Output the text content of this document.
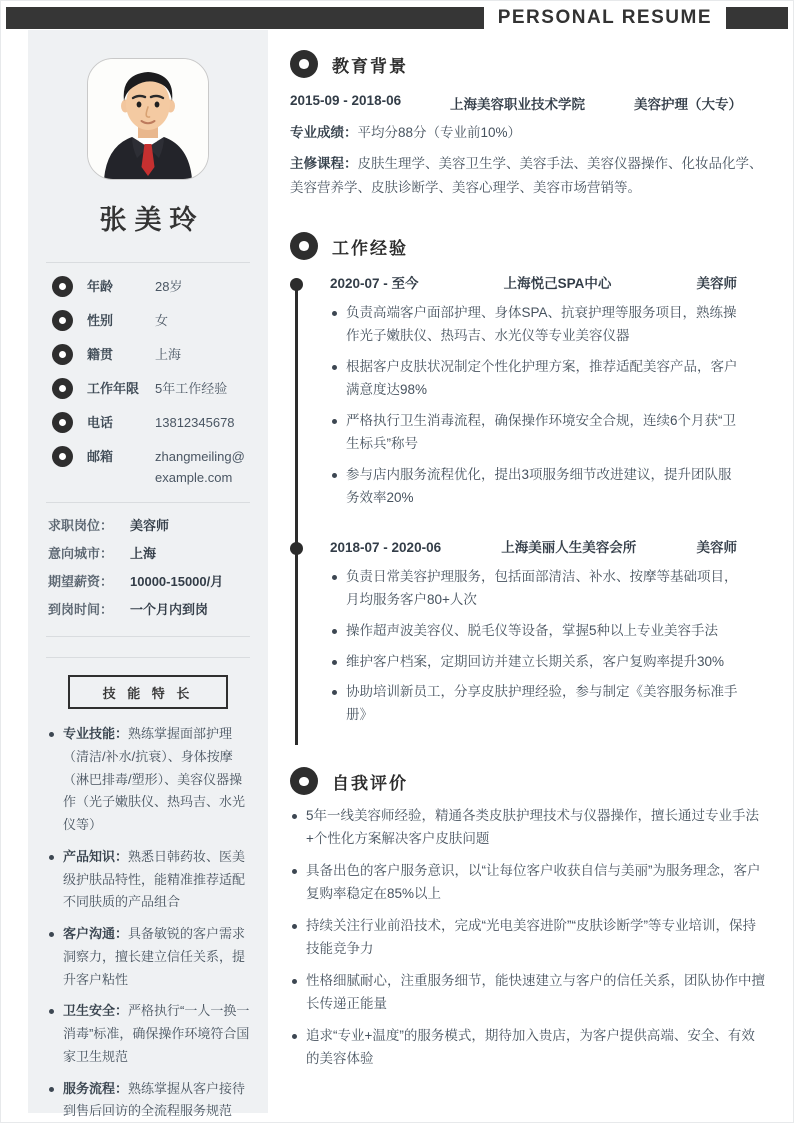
PERSONAL RESUME
张美玲
年龄	28岁
性别	女
籍贯	上海
工作年限	5年工作经验
电话	13812345678
邮箱	zhangmeiling@example.com
求职岗位：	美容师
意向城市：	上海
期望薪资：	10000-15000/月
到岗时间：	一个月内到岗
技 能 特 长
专业技能：熟练掌握面部护理（清洁/补水/抗衰）、身体按摩（淋巴排毒/塑形）、美容仪器操作（光子嫩肤仪、热玛吉、水光仪等）
产品知识：熟悉日韩药妆、医美级护肤品特性，能精准推荐适配不同肤质的产品组合
客户沟通：具备敏锐的客户需求洞察力，擅长建立信任关系，提升客户粘性
卫生安全：严格执行“一人一换一消毒”标准，确保操作环境符合国家卫生规范
服务流程：熟练掌握从客户接待到售后回访的全流程服务规范
教育背景
2015-09 - 2018-06	上海美容职业技术学院	美容护理（大专）
专业成绩：平均分88分（专业前10%）
主修课程：皮肤生理学、美容卫生学、美容手法、美容仪器操作、化妆品化学、美容营养学、皮肤诊断学、美容心理学、美容市场营销等。
工作经验
2020-07 - 至今	上海悦己SPA中心	美容师
负责高端客户面部护理、身体SPA、抗衰护理等服务项目，熟练操作光子嫩肤仪、热玛吉、水光仪等专业美容仪器
根据客户皮肤状况制定个性化护理方案，推荐适配美容产品，客户满意度达98%
严格执行卫生消毒流程，确保操作环境安全合规，连续6个月获“卫生标兵”称号
参与店内服务流程优化，提出3项服务细节改进建议，提升团队服务效率20%
2018-07 - 2020-06	上海美丽人生美容会所	美容师
负责日常美容护理服务，包括面部清洁、补水、按摩等基础项目，月均服务客户80+人次
操作超声波美容仪、脱毛仪等设备，掌握5种以上专业美容手法
维护客户档案，定期回访并建立长期关系，客户复购率提升30%
协助培训新员工，分享皮肤护理经验，参与制定《美容服务标准手册》
自我评价
5年一线美容师经验，精通各类皮肤护理技术与仪器操作，擅长通过专业手法+个性化方案解决客户皮肤问题
具备出色的客户服务意识，以“让每位客户收获自信与美丽”为服务理念，客户复购率稳定在85%以上
持续关注行业前沿技术，完成“光电美容进阶”“皮肤诊断学”等专业培训，保持技能竞争力
性格细腻耐心，注重服务细节，能快速建立与客户的信任关系，团队协作中擅长传递正能量
追求“专业+温度”的服务模式，期待加入贵店，为客户提供高端、安全、有效的美容体验
